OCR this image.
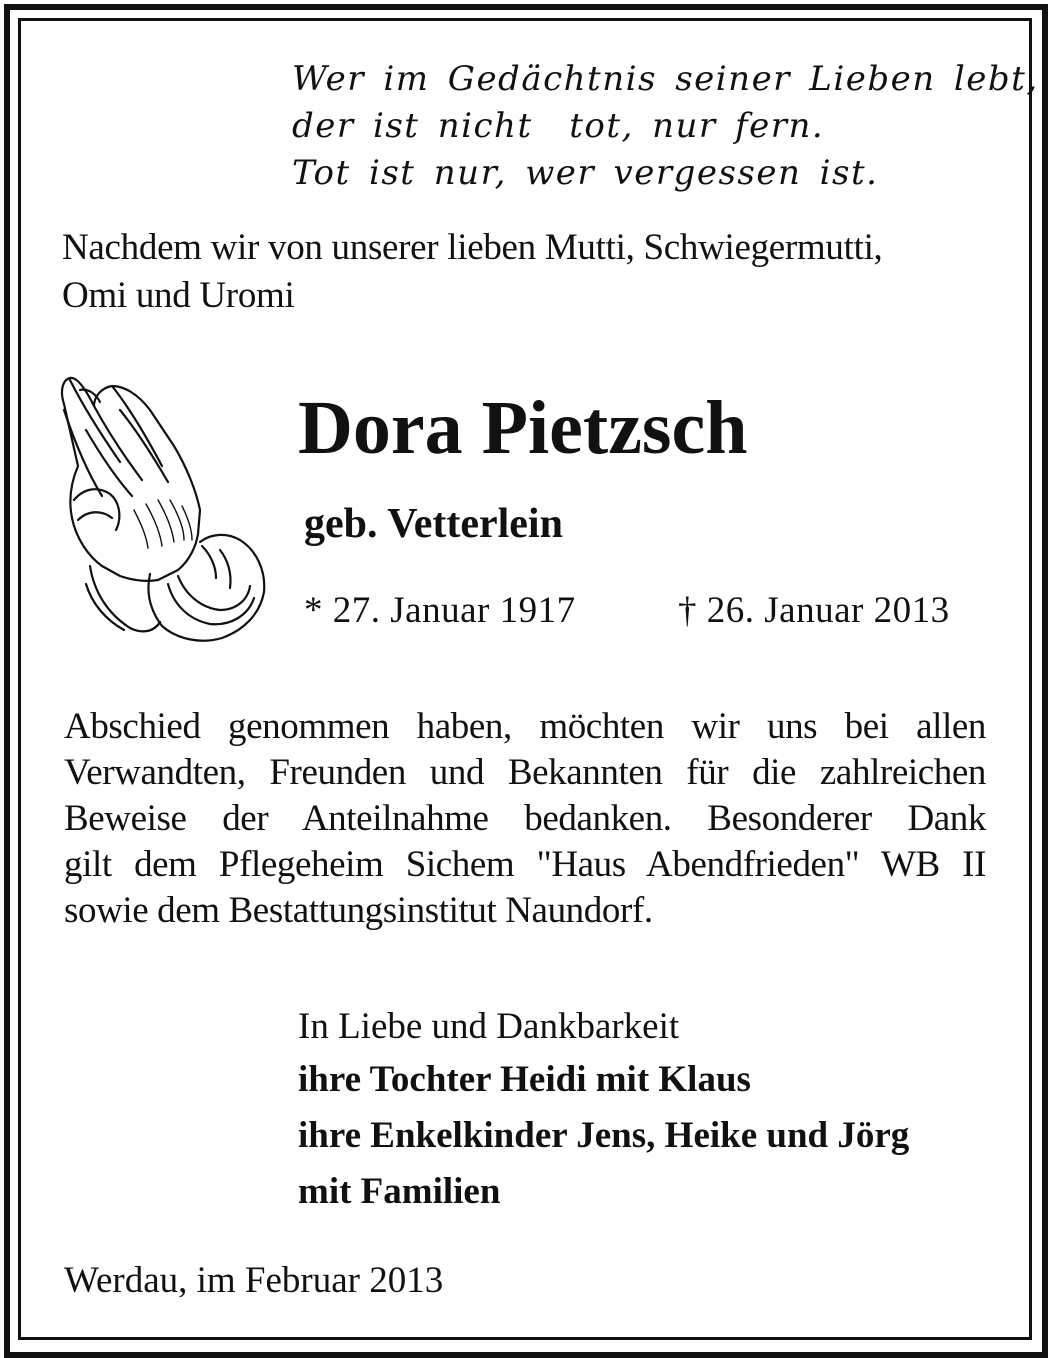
Wer im Gedächtnis seiner Lieben lebt,
der ist nicht  tot, nur fern.
Tot ist nur, wer vergessen ist.
Nachdem wir von unserer lieben Mutti, Schwiegermutti,
Omi und Uromi
Dora Pietzsch
geb. Vetterlein
* 27. Januar 1917	† 26. Januar 2013
Abschied genommen haben, möchten wir uns bei allen
Verwandten, Freunden und Bekannten für die zahlreichen
Beweise der Anteilnahme bedanken. Besonderer Dank
gilt dem Pflegeheim Sichem "Haus Abendfrieden" WB II
sowie dem Bestattungsinstitut Naundorf.
In Liebe und Dankbarkeit
ihre Tochter Heidi mit Klaus
ihre Enkelkinder Jens, Heike und Jörg
mit Familien
Werdau, im Februar 2013
